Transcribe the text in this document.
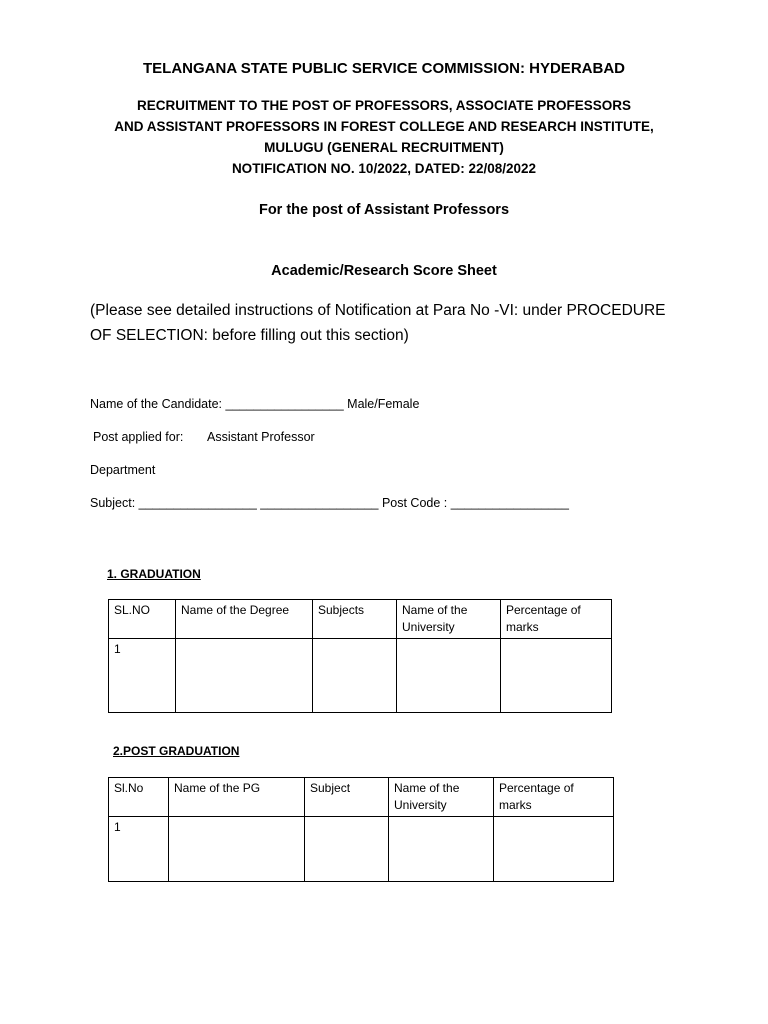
TELANGANA STATE PUBLIC SERVICE COMMISSION: HYDERABAD
RECRUITMENT TO THE POST OF PROFESSORS, ASSOCIATE PROFESSORS
AND ASSISTANT PROFESSORS IN FOREST COLLEGE AND RESEARCH INSTITUTE,
MULUGU (GENERAL RECRUITMENT)
NOTIFICATION NO. 10/2022, DATED: 22/08/2022
For the post of Assistant Professors
Academic/Research Score Sheet
(Please see detailed instructions of Notification at Para No -VI: under PROCEDURE
OF SELECTION: before filling out this section)
Name of the Candidate: _________________ Male/Female
Post applied for: Assistant Professor
Department
Subject: _________________ _________________ Post Code : _________________
1. GRADUATION
SL.NO	Name of the Degree	Subjects	Name of the University	Percentage of marks
1				
2.POST GRADUATION
Sl.No	Name of the PG	Subject	Name of the University	Percentage of marks
1				
